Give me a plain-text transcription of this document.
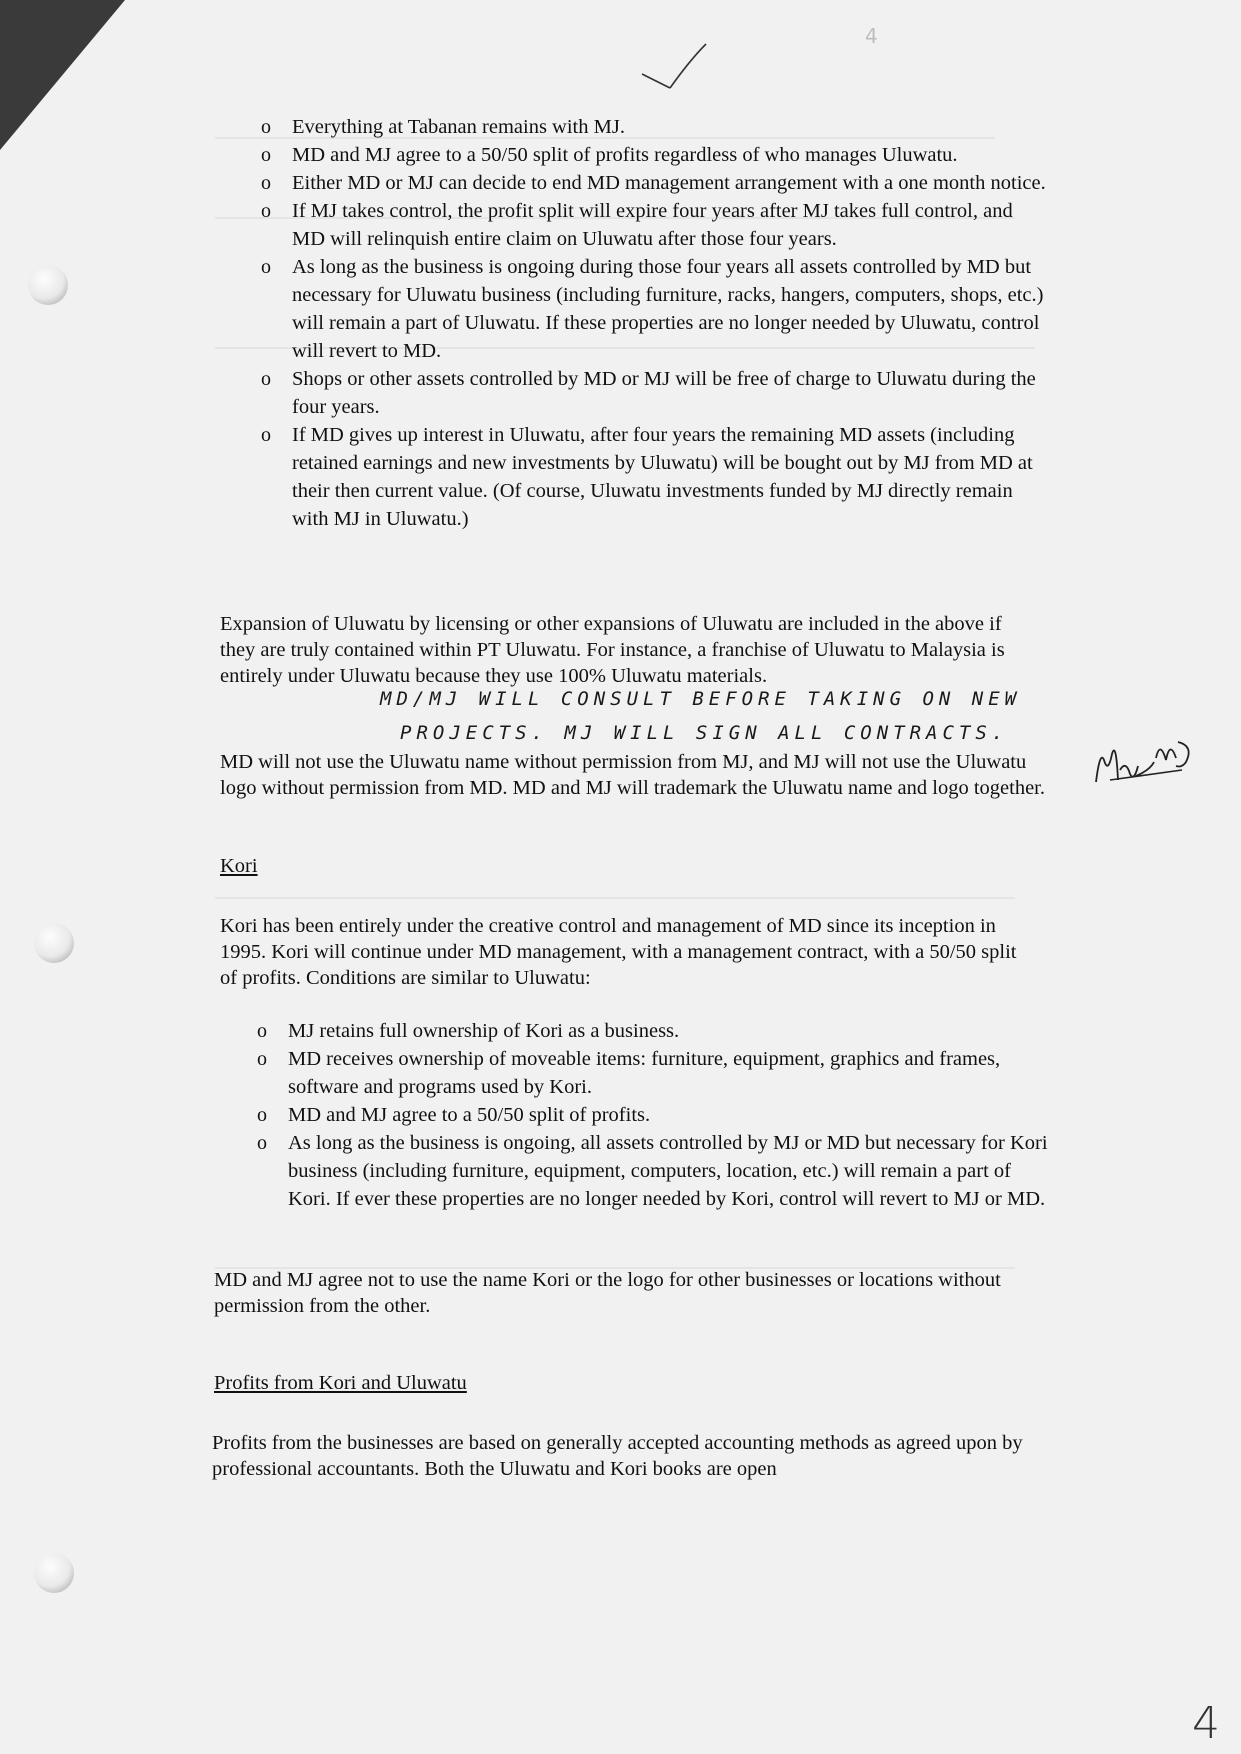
4
o Everything at Tabanan remains with MJ.
o MD and MJ agree to a 50/50 split of profits regardless of who manages Uluwatu.
o Either MD or MJ can decide to end MD management arrangement with a one month notice.
o If MJ takes control, the profit split will expire four years after MJ takes full control, and MD will relinquish entire claim on Uluwatu after those four years.
o As long as the business is ongoing during those four years all assets controlled by MD but necessary for Uluwatu business (including furniture, racks, hangers, computers, shops, etc.) will remain a part of Uluwatu. If these properties are no longer needed by Uluwatu, control will revert to MD.
o Shops or other assets controlled by MD or MJ will be free of charge to Uluwatu during the four years.
o If MD gives up interest in Uluwatu, after four years the remaining MD assets (including retained earnings and new investments by Uluwatu) will be bought out by MJ from MD at their then current value. (Of course, Uluwatu investments funded by MJ directly remain with MJ in Uluwatu.)

Expansion of Uluwatu by licensing or other expansions of Uluwatu are included in the above if they are truly contained within PT Uluwatu. For instance, a franchise of Uluwatu to Malaysia is entirely under Uluwatu because they use 100% Uluwatu materials.

MD/MJ WILL CONSULT BEFORE TAKING ON NEW
PROJECTS. MJ WILL SIGN ALL CONTRACTS.

MD will not use the Uluwatu name without permission from MJ, and MJ will not use the Uluwatu logo without permission from MD. MD and MJ will trademark the Uluwatu name and logo together.

Kori

Kori has been entirely under the creative control and management of MD since its inception in 1995. Kori will continue under MD management, with a management contract, with a 50/50 split of profits. Conditions are similar to Uluwatu:

o MJ retains full ownership of Kori as a business.
o MD receives ownership of moveable items: furniture, equipment, graphics and frames, software and programs used by Kori.
o MD and MJ agree to a 50/50 split of profits.
o As long as the business is ongoing, all assets controlled by MJ or MD but necessary for Kori business (including furniture, equipment, computers, location, etc.) will remain a part of Kori. If ever these properties are no longer needed by Kori, control will revert to MJ or MD.

MD and MJ agree not to use the name Kori or the logo for other businesses or locations without permission from the other.

Profits from Kori and Uluwatu

Profits from the businesses are based on generally accepted accounting methods as agreed upon by professional accountants. Both the Uluwatu and Kori books are open

4
